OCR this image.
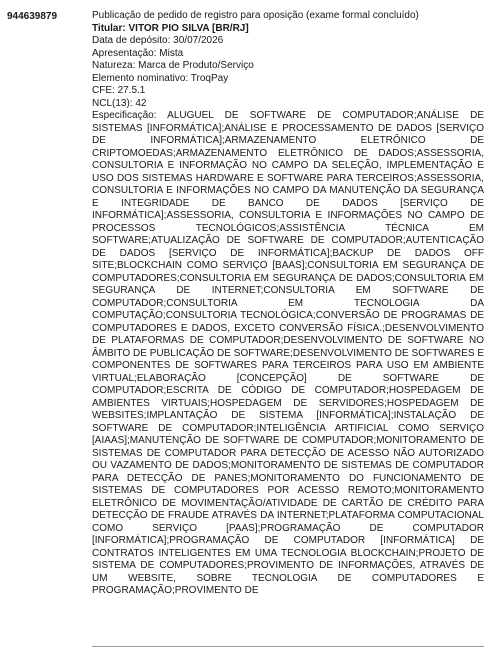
944639879	Publicação de pedido de registro para oposição (exame formal concluído)
Titular: VITOR PIO SILVA [BR/RJ]
Data de depósito: 30/07/2026
Apresentação: Mista
Natureza: Marca de Produto/Serviço
Elemento nominativo: TroqPay
CFE: 27.5.1
NCL(13): 42
Especificação: ALUGUEL DE SOFTWARE DE COMPUTADOR;ANÁLISE DE SISTEMAS [INFORMÁTICA];ANÁLISE E PROCESSAMENTO DE DADOS [SERVIÇO DE INFORMÁTICA];ARMAZENAMENTO ELETRÔNICO DE CRIPTOMOEDAS;ARMAZENAMENTO ELETRÔNICO DE DADOS;ASSESSORIA, CONSULTORIA E INFORMAÇÃO NO CAMPO DA SELEÇÃO, IMPLEMENTAÇÃO E USO DOS SISTEMAS HARDWARE E SOFTWARE PARA TERCEIROS;ASSESSORIA, CONSULTORIA E INFORMAÇÕES NO CAMPO DA MANUTENÇÃO DA SEGURANÇA E INTEGRIDADE DE BANCO DE DADOS [SERVIÇO DE INFORMÁTICA];ASSESSORIA, CONSULTORIA E INFORMAÇÕES NO CAMPO DE PROCESSOS TECNOLÓGICOS;ASSISTÊNCIA TÉCNICA EM SOFTWARE;ATUALIZAÇÃO DE SOFTWARE DE COMPUTADOR;AUTENTICAÇÃO DE DADOS [SERVIÇO DE INFORMÁTICA];BACKUP DE DADOS OFF SITE;BLOCKCHAIN COMO SERVIÇO [BAAS];CONSULTORIA EM SEGURANÇA DE COMPUTADORES;CONSULTORIA EM SEGURANÇA DE DADOS;CONSULTORIA EM SEGURANÇA DE INTERNET;CONSULTORIA EM SOFTWARE DE COMPUTADOR;CONSULTORIA EM TECNOLOGIA DA COMPUTAÇÃO;CONSULTORIA TECNOLÓGICA;CONVERSÃO DE PROGRAMAS DE COMPUTADORES E DADOS, EXCETO CONVERSÃO FÍSICA.;DESENVOLVIMENTO DE PLATAFORMAS DE COMPUTADOR;DESENVOLVIMENTO DE SOFTWARE NO ÂMBITO DE PUBLICAÇÃO DE SOFTWARE;DESENVOLVIMENTO DE SOFTWARES E COMPONENTES DE SOFTWARES PARA TERCEIROS PARA USO EM AMBIENTE VIRTUAL;ELABORAÇÃO [CONCEPÇÃO] DE SOFTWARE DE COMPUTADOR;ESCRITA DE CÓDIGO DE COMPUTADOR;HOSPEDAGEM DE AMBIENTES VIRTUAIS;HOSPEDAGEM DE SERVIDORES;HOSPEDAGEM DE WEBSITES;IMPLANTAÇÃO DE SISTEMA [INFORMÁTICA];INSTALAÇÃO DE SOFTWARE DE COMPUTADOR;INTELIGÊNCIA ARTIFICIAL COMO SERVIÇO [AIAAS];MANUTENÇÃO DE SOFTWARE DE COMPUTADOR;MONITORAMENTO DE SISTEMAS DE COMPUTADOR PARA DETECÇÃO DE ACESSO NÃO AUTORIZADO OU VAZAMENTO DE DADOS;MONITORAMENTO DE SISTEMAS DE COMPUTADOR PARA DETECÇÃO DE PANES;MONITORAMENTO DO FUNCIONAMENTO DE SISTEMAS DE COMPUTADORES POR ACESSO REMOTO;MONITORAMENTO ELETRÔNICO DE MOVIMENTAÇÃO/ATIVIDADE DE CARTÃO DE CRÉDITO PARA DETECÇÃO DE FRAUDE ATRAVÉS DA INTERNET;PLATAFORMA COMPUTACIONAL COMO SERVIÇO [PAAS];PROGRAMAÇÃO DE COMPUTADOR [INFORMÁTICA];PROGRAMAÇÃO DE COMPUTADOR [INFORMÁTICA] DE CONTRATOS INTELIGENTES EM UMA TECNOLOGIA BLOCKCHAIN;PROJETO DE SISTEMA DE COMPUTADORES;PROVIMENTO DE INFORMAÇÕES, ATRAVÉS DE UM WEBSITE, SOBRE TECNOLOGIA DE COMPUTADORES E PROGRAMAÇÃO;PROVIMENTO DE
